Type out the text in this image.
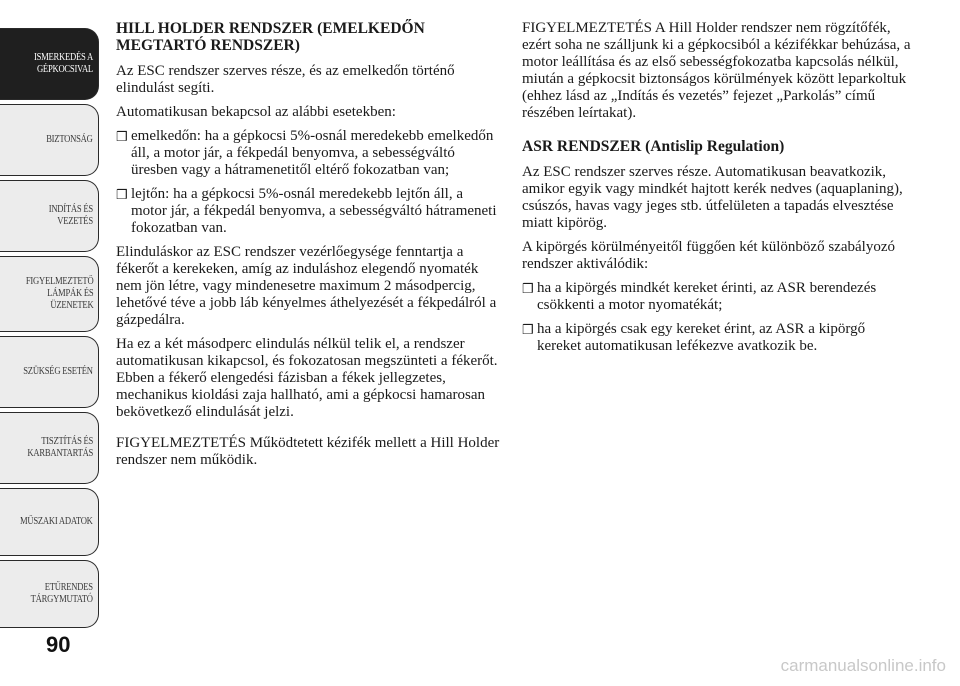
ISMERKEDÉS A
GÉPKOCSIVAL
BIZTONSÁG
INDÍTÁS ÉS
VEZETÉS
FIGYELMEZTETŐ
LÁMPÁK ÉS
ÜZENETEK
SZÜKSÉG ESETÉN
TISZTÍTÁS ÉS
KARBANTARTÁS
MŰSZAKI ADATOK
ETŰRENDES
TÁRGYMUTATÓ
90
HILL HOLDER RENDSZER (EMELKEDŐN MEGTARTÓ RENDSZER)

Az ESC rendszer szerves része, és az emelkedőn történő elindulást segíti.

Automatikusan bekapcsol az alábbi esetekben:

❒ emelkedőn: ha a gépkocsi 5%-osnál meredekebb emelkedőn áll, a motor jár, a fékpedál benyomva, a sebességváltó üresben vagy a hátramenetitől eltérő fokozatban van;
❒ lejtőn: ha a gépkocsi 5%-osnál meredekebb lejtőn áll, a motor jár, a fékpedál benyomva, a sebességváltó hátrameneti fokozatban van.

Elinduláskor az ESC rendszer vezérlőegysége fenntartja a fékerőt a kerekeken, amíg az induláshoz elegendő nyomaték nem jön létre, vagy mindenesetre maximum 2 másodpercig, lehetővé téve a jobb láb kényelmes áthelyezését a fékpedálról a gázpedálra.

Ha ez a két másodperc elindulás nélkül telik el, a rendszer automatikusan kikapcsol, és fokozatosan megszünteti a fékerőt. Ebben a fékerő elengedési fázisban a fékek jellegzetes, mechanikus kioldási zaja hallható, ami a gépkocsi hamarosan bekövetkező elindulását jelzi.

FIGYELMEZTETÉS Működtetett kézifék mellett a Hill Holder rendszer nem működik.

FIGYELMEZTETÉS A Hill Holder rendszer nem rögzítőfék, ezért soha ne szálljunk ki a gépkocsiból a kézifékkar behúzása, a motor leállítása és az első sebességfokozatba kapcsolás nélkül, miután a gépkocsit biztonságos körülmények között leparkoltuk (ehhez lásd az „Indítás és vezetés” fejezet „Parkolás” című részében leírtakat).

ASR RENDSZER (Antislip Regulation)

Az ESC rendszer szerves része. Automatikusan beavatkozik, amikor egyik vagy mindkét hajtott kerék nedves (aquaplaning), csúszós, havas vagy jeges stb. útfelületen a tapadás elvesztése miatt kipörög.

A kipörgés körülményeitől függően két különböző szabályozó rendszer aktiválódik:

❒ ha a kipörgés mindkét kereket érinti, az ASR berendezés csökkenti a motor nyomatékát;
❒ ha a kipörgés csak egy kereket érint, az ASR a kipörgő kereket automatikusan lefékezve avatkozik be.
carmanualsonline.info
